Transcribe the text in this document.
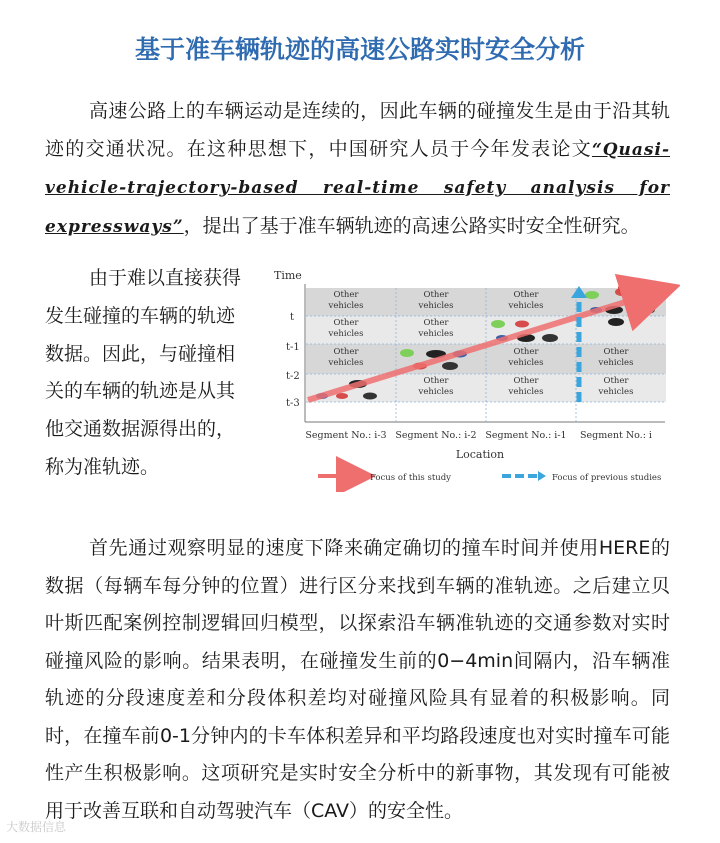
基于准车辆轨迹的高速公路实时安全分析

高速公路上的车辆运动是连续的，因此车辆的碰撞发生是由于沿其轨迹的交通状况。在这种思想下，中国研究人员于今年发表论文“Quasi-vehicle-trajectory-based real-time safety analysis for expressways”，提出了基于准车辆轨迹的高速公路实时安全性研究。

由于难以直接获得发生碰撞的车辆的轨迹数据。因此，与碰撞相关的车辆的轨迹是从其他交通数据源得出的，称为准轨迹。

Time
t
t-1
t-2
t-3
Other
vehicles
Other
vehicles
Other
vehicles
Other
vehicles
Other
vehicles
Other
vehicles
Other
vehicles
Other
vehicles
Other
vehicles
Other
vehicles
Other
vehicles
Segment No.: i-3 Segment No.: i-2 Segment No.: i-1 Segment No.: i
Location
Focus of this study	Focus of previous studies

首先通过观察明显的速度下降来确定确切的撞车时间并使用HERE的数据（每辆车每分钟的位置）进行区分来找到车辆的准轨迹。之后建立贝叶斯匹配案例控制逻辑回归模型，以探索沿车辆准轨迹的交通参数对实时碰撞风险的影响。结果表明，在碰撞发生前的0−4min间隔内，沿车辆准轨迹的分段速度差和分段体积差均对碰撞风险具有显着的积极影响。同时，在撞车前0-1分钟内的卡车体积差异和平均路段速度也对实时撞车可能性产生积极影响。这项研究是实时安全分析中的新事物，其发现有可能被用于改善互联和自动驾驶汽车（CAV）的安全性。

大数据信息
